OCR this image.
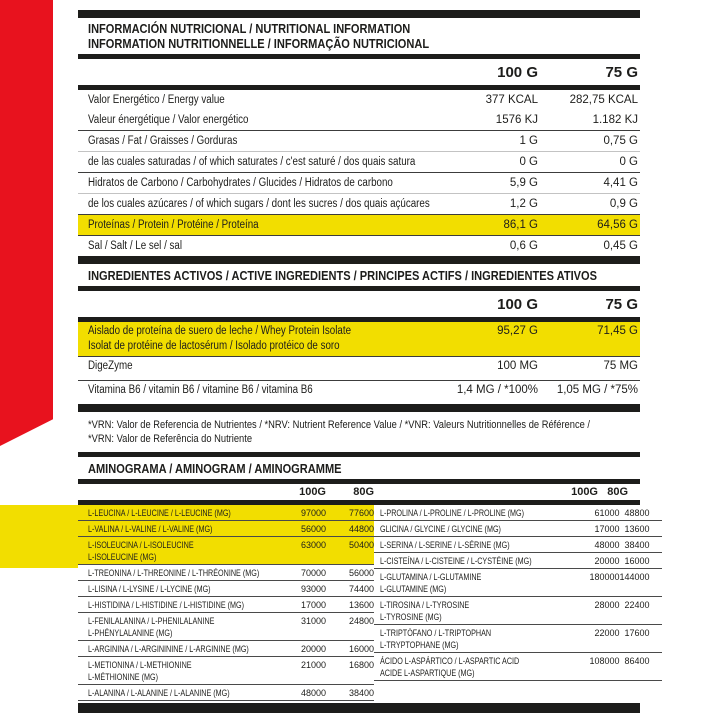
INFORMACIÓN NUTRICIONAL / NUTRITIONAL INFORMATION
INFORMATION NUTRITIONNELLE / INFORMAÇÃO NUTRICIONAL
100 G	75 G
Valor Energético / Energy value	377 KCAL	282,75 KCAL
Valeur énergétique / Valor energético	1576 KJ	1.182 KJ
Grasas / Fat / Graisses / Gorduras	1 G	0,75 G
de las cuales saturadas / of which saturates / c'est saturé / dos quais satura	0 G	0 G
Hidratos de Carbono / Carbohydrates / Glucides / Hidratos de carbono	5,9 G	4,41 G
de los cuales azúcares / of which sugars / dont les sucres / dos quais açúcares	1,2 G	0,9 G
Proteínas / Protein / Protéine / Proteína	86,1 G	64,56 G
Sal / Salt / Le sel / sal	0,6 G	0,45 G
INGREDIENTES ACTIVOS / ACTIVE INGREDIENTS / PRINCIPES ACTIFS / INGREDIENTES ATIVOS
100 G	75 G
Aislado de proteína de suero de leche / Whey Protein Isolate
Isolat de protéine de lactosérum / Isolado protéico de soro
95,27 G	71,45 G
DigeZyme	100 MG	75 MG
Vitamina B6 / vitamin B6 / vitamine B6 / vitamina B6	1,4 MG / *100%	1,05 MG / *75%
*VRN: Valor de Referencia de Nutrientes / *NRV: Nutrient Reference Value / *VNR: Valeurs Nutritionnelles de Référence /
*VRN: Valor de Referência do Nutriente
AMINOGRAMA / AMINOGRAM / AMINOGRAMME
100G	80G	100G 80G
L-LEUCINA / L-LEUCINE / L-LEUCINE (MG)	97000	77600
L-VALINA / L-VALINE / L-VALINE (MG)	56000	44800
L-ISOLEUCINA / L-ISOLEUCINE
L-ISOLEUCINE (MG)
63000	50400
L-TREONINA / L-THREONINE / L-THRÉONINE (MG)	70000	56000
L-LISINA / L-LYSINE / L-LYCINE (MG)	93000	74400
L-HISTIDINA / L-HISTIDINE / L-HISTIDINE (MG)	17000	13600
L-FENILALANINA / L-PHENILALANINE
L-PHÉNYLALANINE (MG)
31000	24800
L-ARGININA / L-ARGINININE / L-ARGININE (MG)	20000	16000
L-METIONINA / L-METHIONINE
L-MÉTHIONINE (MG)
21000	16800
L-ALANINA / L-ALANINE / L-ALANINE (MG)	48000	38400
L-PROLINA / L-PROLINE / L-PROLINE (MG)	61000 48800
GLICINA / GLYCINE / GLYCINE (MG)	17000 13600
L-SERINA / L-SERINE / L-SÉRINE (MG)	48000 38400
L-CISTEÍNA / L-CISTEINE / L-CYSTÉINE (MG)	20000 16000
L-GLUTAMINA / L-GLUTAMINE
L-GLUTAMINE (MG)
180000 144000
L-TIROSINA / L-TYROSINE
L-TYROSINE (MG)
28000 22400
L-TRIPTÓFANO / L-TRIPTOPHAN
L-TRYPTOPHANE (MG)
22000 17600
ÁCIDO L-ASPÁRTICO / L-ASPARTIC ACID
ACIDE L-ASPARTIQUE (MG)
108000 86400
